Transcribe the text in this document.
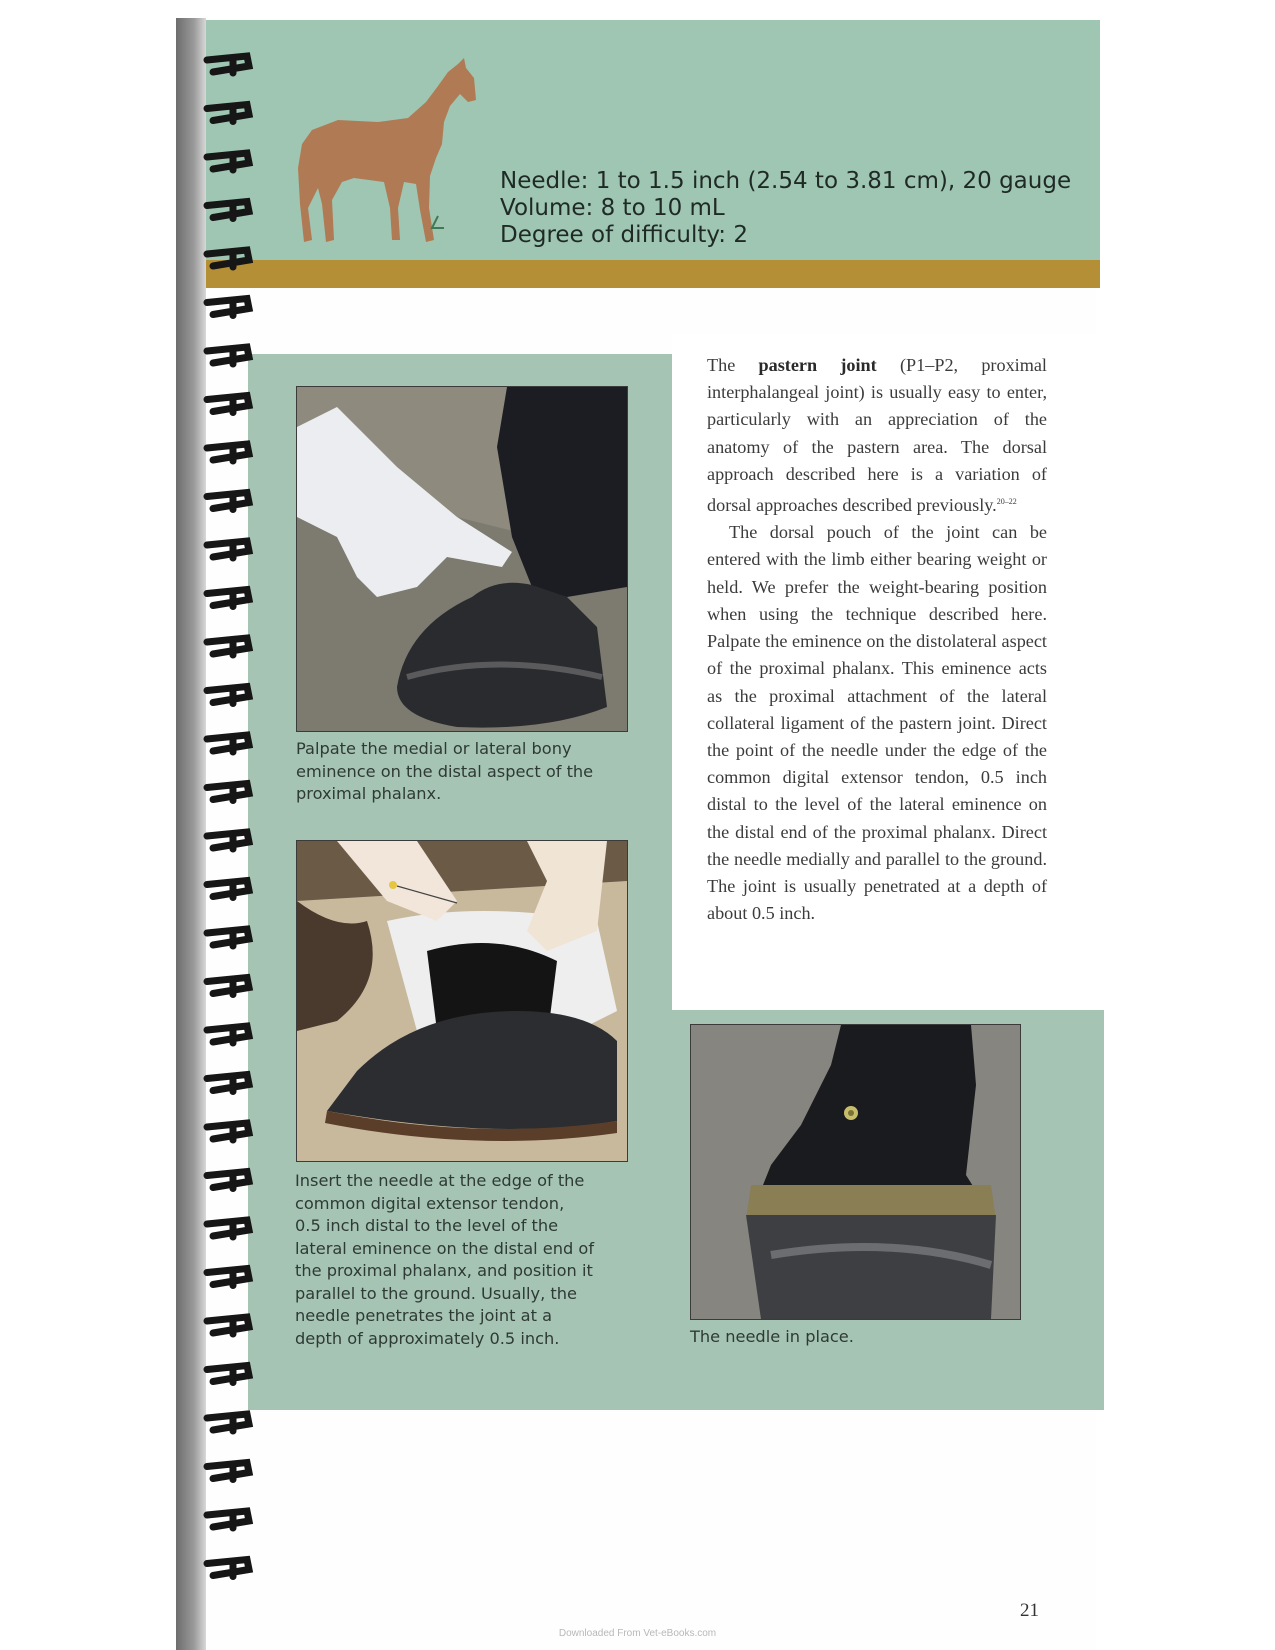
Needle: 1 to 1.5 inch (2.54 to 3.81 cm), 20 gauge
Volume: 8 to 10 mL
Degree of difficulty: 2

The pastern joint (P1–P2, proximal interphalangeal joint) is usually easy to enter, particularly with an appreciation of the anatomy of the pastern area. The dorsal approach described here is a variation of dorsal approaches described previously.$^{20-22}$

The dorsal pouch of the joint can be entered with the limb either bearing weight or held. We prefer the weight-bearing position when using the technique described here. Palpate the eminence on the distolateral aspect of the proximal phalanx. This eminence acts as the proximal attachment of the lateral collateral ligament of the pastern joint. Direct the point of the needle under the edge of the common digital extensor tendon, 0.5 inch distal to the level of the lateral eminence on the distal end of the proximal phalanx. Direct the needle medially and parallel to the ground. The joint is usually penetrated at a depth of about 0.5 inch.

Palpate the medial or lateral bony eminence on the distal aspect of the proximal phalanx.
Insert the needle at the edge of the common digital extensor tendon, 0.5 inch distal to the level of the lateral eminence on the distal end of the proximal phalanx, and position it parallel to the ground. Usually, the needle penetrates the joint at a depth of approximately 0.5 inch.	The needle in place.
21
Downloaded From Vet-eBooks.com
